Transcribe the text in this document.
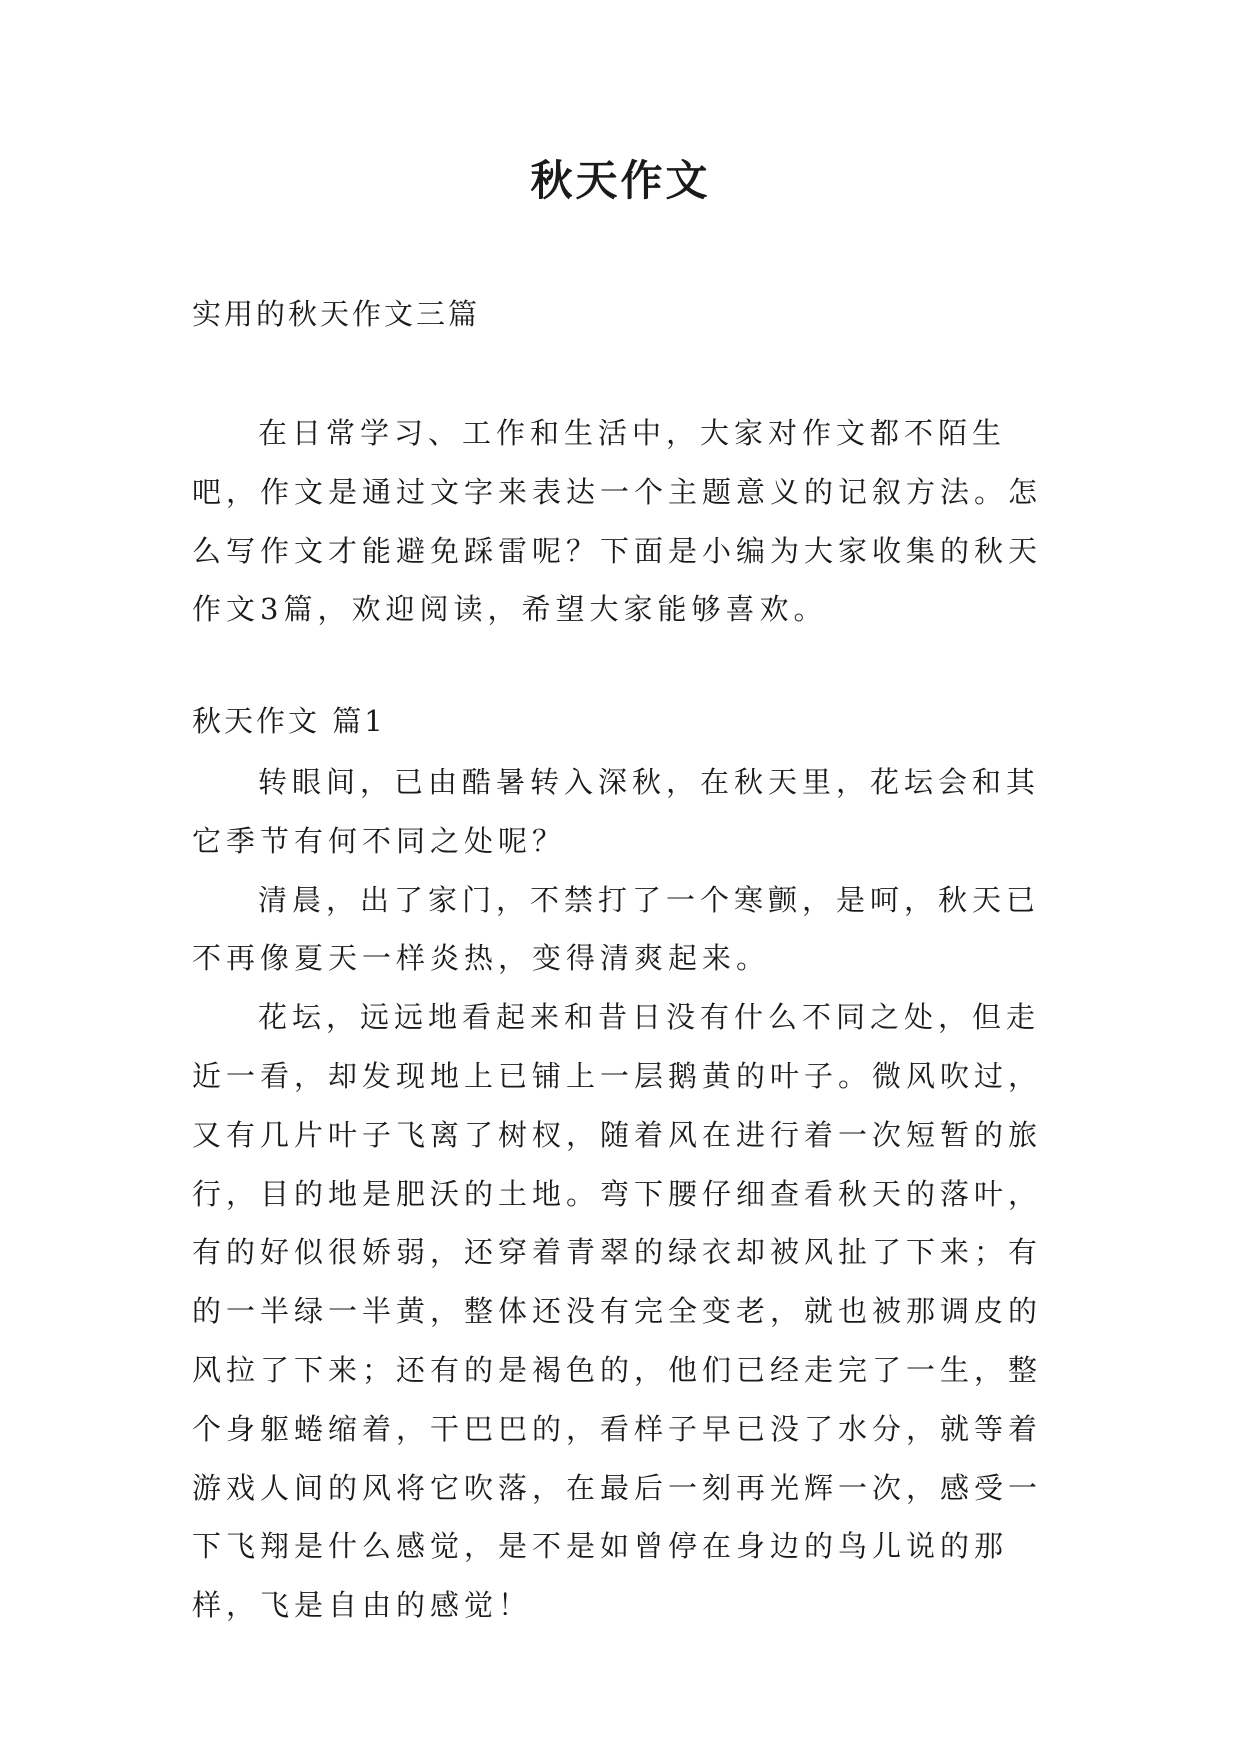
秋天作文
实用的秋天作文三篇

在日常学习、工作和生活中，大家对作文都不陌生吧，作文是通过文字来表达一个主题意义的记叙方法。怎么写作文才能避免踩雷呢？下面是小编为大家收集的秋天作文3篇，欢迎阅读，希望大家能够喜欢。

秋天作文 篇1

转眼间，已由酷暑转入深秋，在秋天里，花坛会和其它季节有何不同之处呢？

清晨，出了家门，不禁打了一个寒颤，是呵，秋天已不再像夏天一样炎热，变得清爽起来。

花坛，远远地看起来和昔日没有什么不同之处，但走近一看，却发现地上已铺上一层鹅黄的叶子。微风吹过，又有几片叶子飞离了树杈，随着风在进行着一次短暂的旅行，目的地是肥沃的土地。弯下腰仔细查看秋天的落叶，有的好似很娇弱，还穿着青翠的绿衣却被风扯了下来；有的一半绿一半黄，整体还没有完全变老，就也被那调皮的风拉了下来；还有的是褐色的，他们已经走完了一生，整个身躯蜷缩着，干巴巴的，看样子早已没了水分，就等着游戏人间的风将它吹落，在最后一刻再光辉一次，感受一下飞翔是什么感觉，是不是如曾停在身边的鸟儿说的那样，飞是自由的感觉！
